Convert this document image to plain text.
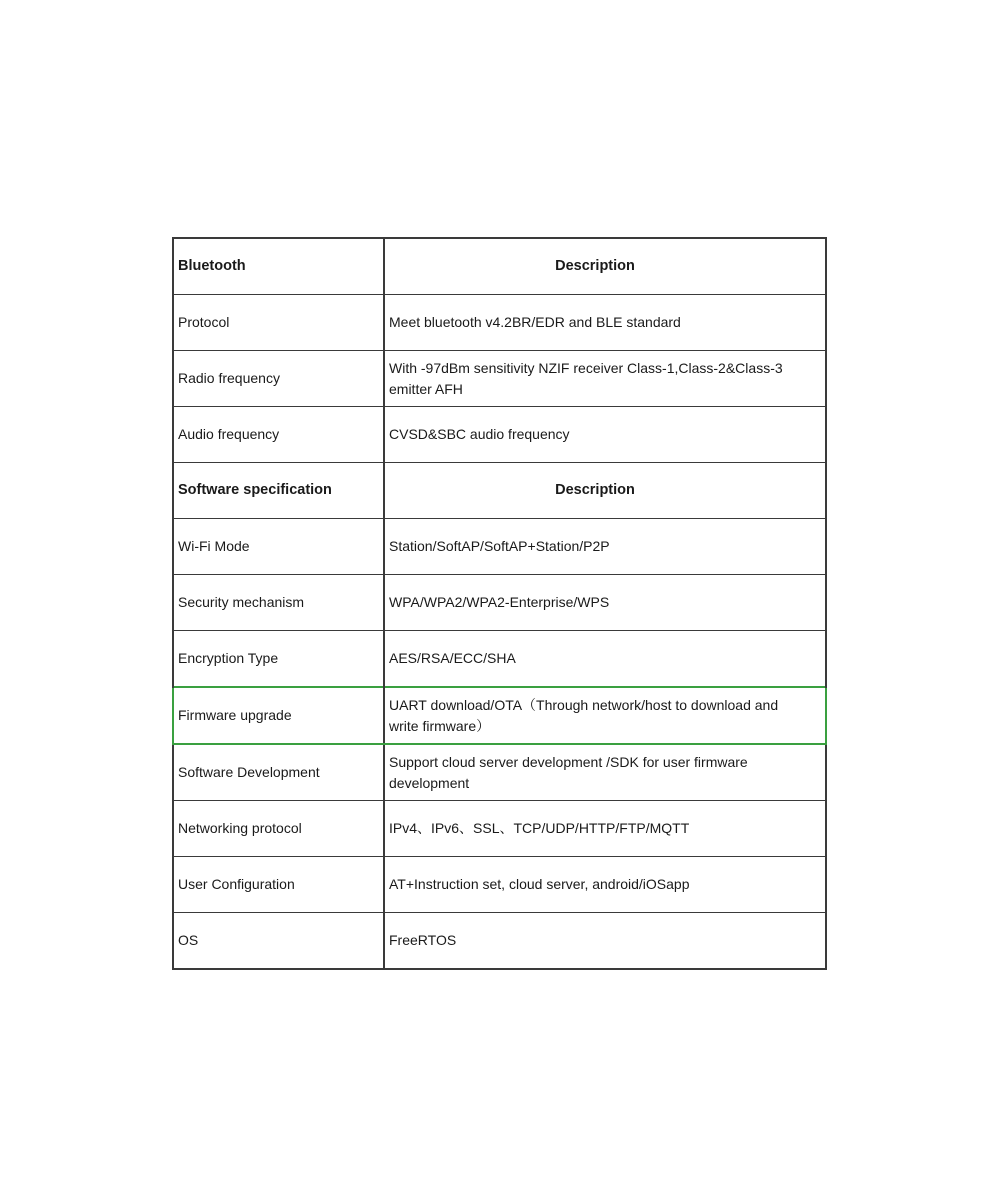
Bluetooth	Description
Protocol	Meet bluetooth v4.2BR/EDR and BLE standard
Radio frequency	With -97dBm sensitivity NZIF receiver Class-1,Class-2&Class-3 emitter AFH
Audio frequency	CVSD&SBC audio frequency
Software specification	Description
Wi-Fi Mode	Station/SoftAP/SoftAP+Station/P2P
Security mechanism	WPA/WPA2/WPA2-Enterprise/WPS
Encryption Type	AES/RSA/ECC/SHA
Firmware upgrade	UART download/OTA（Through network/host to download and write firmware）
Software Development	Support cloud server development /SDK for user firmware development
Networking protocol	IPv4、IPv6、SSL、TCP/UDP/HTTP/FTP/MQTT
User Configuration	AT+Instruction set, cloud server, android/iOSapp
OS	FreeRTOS
